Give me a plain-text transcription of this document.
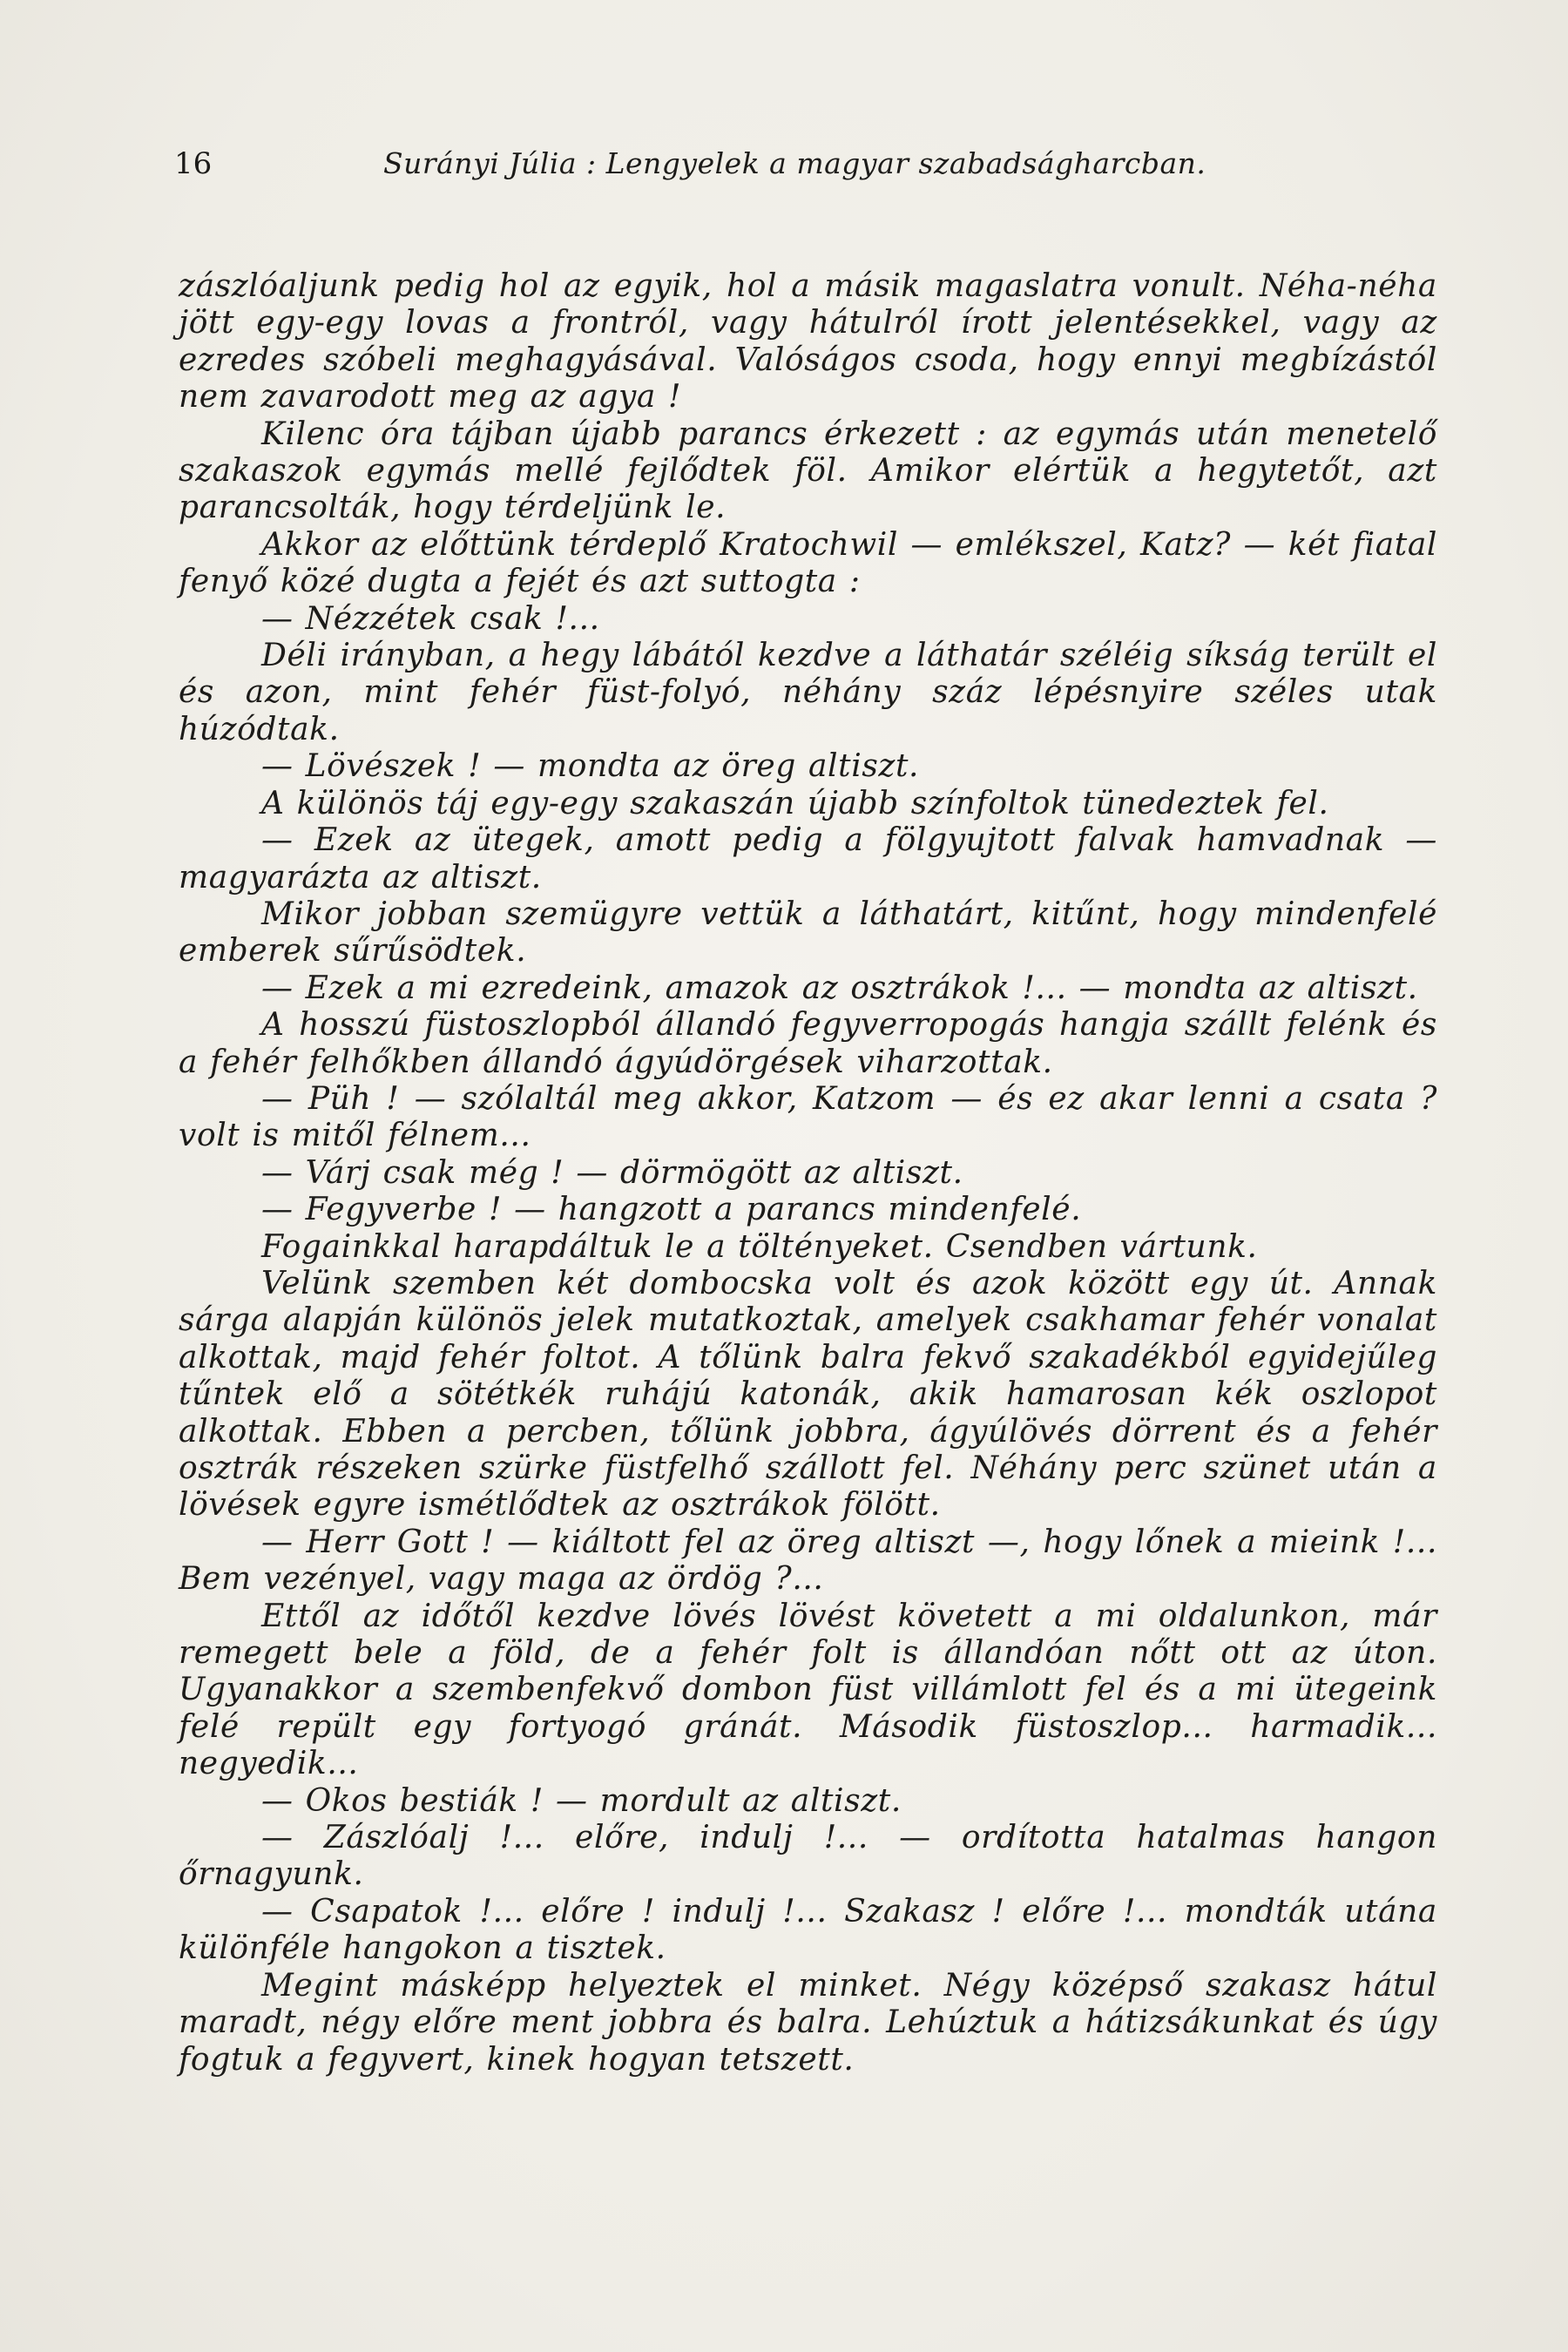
16	Surányi Júlia : Lengyelek a magyar szabadságharcban.

zászlóaljunk pedig hol az egyik, hol a másik magaslatra vonult. Néha-néha jött egy-egy lovas a frontról, vagy hátulról írott jelentésekkel, vagy az ezredes szóbeli meghagyásával. Valóságos csoda, hogy ennyi megbízástól nem zavarodott meg az agya !

Kilenc óra tájban újabb parancs érkezett : az egymás után menetelő szakaszok egymás mellé fejlődtek föl. Amikor elértük a hegytetőt, azt parancsolták, hogy térdeljünk le.

Akkor az előttünk térdeplő Kratochwil — emlékszel, Katz? — két fiatal fenyő közé dugta a fejét és azt suttogta :

— Nézzétek csak !...

Déli irányban, a hegy lábától kezdve a láthatár széléig síkság terült el és azon, mint fehér füst-folyó, néhány száz lépésnyire széles utak húzódtak.

— Lövészek ! — mondta az öreg altiszt.

A különös táj egy-egy szakaszán újabb színfoltok tünedeztek fel.

— Ezek az ütegek, amott pedig a fölgyujtott falvak hamvadnak — magyarázta az altiszt.

Mikor jobban szemügyre vettük a láthatárt, kitűnt, hogy mindenfelé emberek sűrűsödtek.

— Ezek a mi ezredeink, amazok az osztrákok !... — mondta az altiszt.

A hosszú füstoszlopból állandó fegyverropogás hangja szállt felénk és a fehér felhőkben állandó ágyúdörgések viharzottak.

— Püh ! — szólaltál meg akkor, Katzom — és ez akar lenni a csata ? volt is mitől félnem...

— Várj csak még ! — dörmögött az altiszt.

— Fegyverbe ! — hangzott a parancs mindenfelé.

Fogainkkal harapdáltuk le a töltényeket. Csendben vártunk.

Velünk szemben két dombocska volt és azok között egy út. Annak sárga alapján különös jelek mutatkoztak, amelyek csakhamar fehér vonalat alkottak, majd fehér foltot. A tőlünk balra fekvő szakadékból egyidejűleg tűntek elő a sötétkék ruhájú katonák, akik hamarosan kék oszlopot alkottak. Ebben a percben, tőlünk jobbra, ágyúlövés dörrent és a fehér osztrák részeken szürke füstfelhő szállott fel. Néhány perc szünet után a lövések egyre ismétlődtek az osztrákok fölött.

— Herr Gott ! — kiáltott fel az öreg altiszt —, hogy lőnek a mieink !... Bem vezényel, vagy maga az ördög ?...

Ettől az időtől kezdve lövés lövést követett a mi oldalunkon, már remegett bele a föld, de a fehér folt is állandóan nőtt ott az úton. Ugyanakkor a szembenfekvő dombon füst villámlott fel és a mi ütegeink felé repült egy fortyogó gránát. Második füstoszlop... harmadik... negyedik...

— Okos bestiák ! — mordult az altiszt.

— Zászlóalj !... előre, indulj !... — ordította hatalmas hangon őrnagyunk.

— Csapatok !... előre ! indulj !... Szakasz ! előre !... mondták utána különféle hangokon a tisztek.

Megint másképp helyeztek el minket. Négy középső szakasz hátul maradt, négy előre ment jobbra és balra. Lehúztuk a hátizsákunkat és úgy fogtuk a fegyvert, kinek hogyan tetszett.
